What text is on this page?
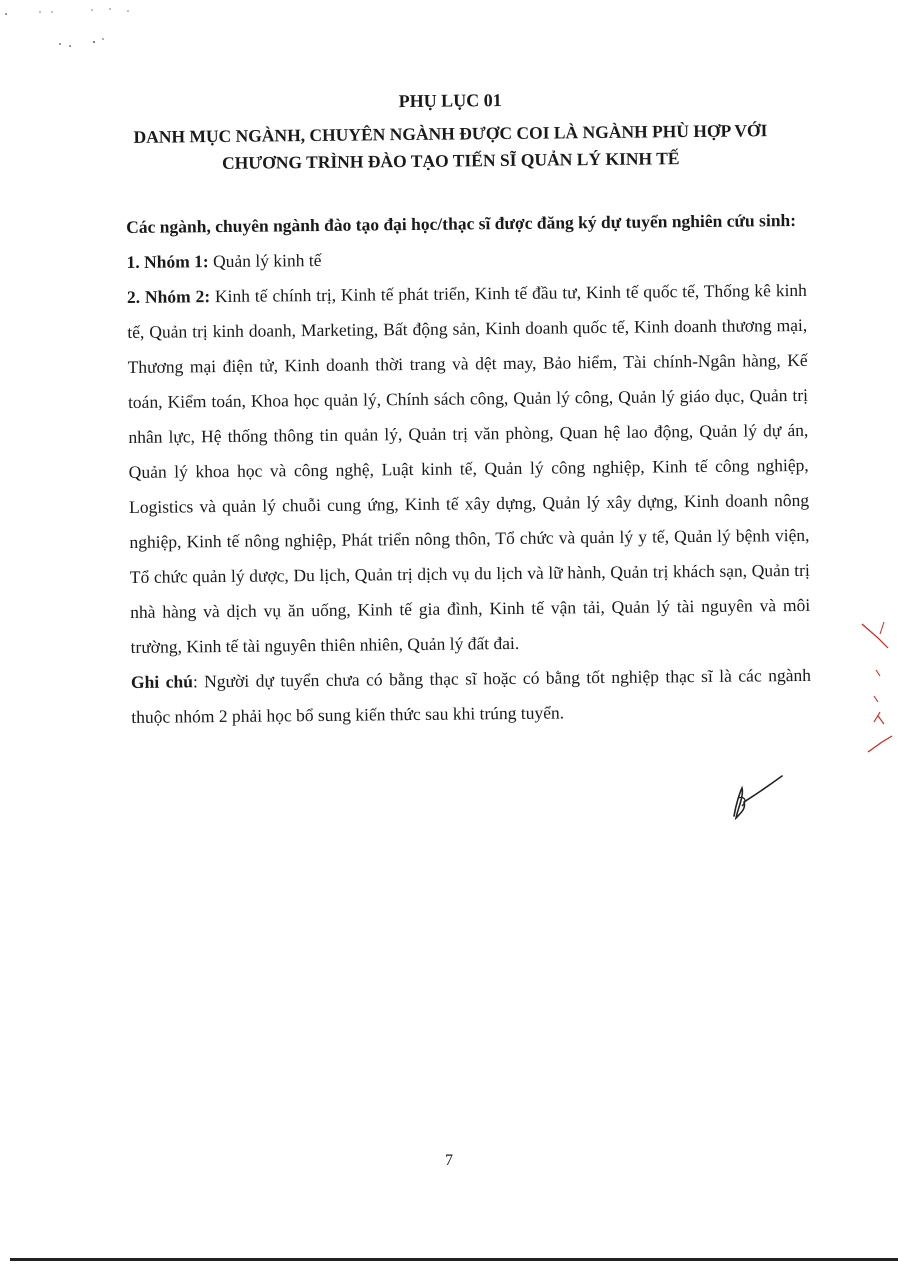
PHỤ LỤC 01
DANH MỤC NGÀNH, CHUYÊN NGÀNH ĐƯỢC COI LÀ NGÀNH PHÙ HỢP VỚI CHƯƠNG TRÌNH ĐÀO TẠO TIẾN SĨ QUẢN LÝ KINH TẾ
Các ngành, chuyên ngành đào tạo đại học/thạc sĩ được đăng ký dự tuyển nghiên cứu sinh:
1. Nhóm 1: Quản lý kinh tế
2. Nhóm 2: Kinh tế chính trị, Kinh tế phát triển, Kinh tế đầu tư, Kinh tế quốc tế, Thống kê kinh tế, Quản trị kinh doanh, Marketing, Bất động sản, Kinh doanh quốc tế, Kinh doanh thương mại, Thương mại điện tử, Kinh doanh thời trang và dệt may, Bảo hiểm, Tài chính-Ngân hàng, Kế toán, Kiểm toán, Khoa học quản lý, Chính sách công, Quản lý công, Quản lý giáo dục, Quản trị nhân lực, Hệ thống thông tin quản lý, Quản trị văn phòng, Quan hệ lao động, Quản lý dự án, Quản lý khoa học và công nghệ, Luật kinh tế, Quản lý công nghiệp, Kinh tế công nghiệp, Logistics và quản lý chuỗi cung ứng, Kinh tế xây dựng, Quản lý xây dựng, Kinh doanh nông nghiệp, Kinh tế nông nghiệp, Phát triển nông thôn, Tổ chức và quản lý y tế, Quản lý bệnh viện, Tổ chức quản lý dược, Du lịch, Quản trị dịch vụ du lịch và lữ hành, Quản trị khách sạn, Quản trị nhà hàng và dịch vụ ăn uống, Kinh tế gia đình, Kinh tế vận tải, Quản lý tài nguyên và môi trường, Kinh tế tài nguyên thiên nhiên, Quản lý đất đai.
Ghi chú: Người dự tuyển chưa có bằng thạc sĩ hoặc có bằng tốt nghiệp thạc sĩ là các ngành thuộc nhóm 2 phải học bổ sung kiến thức sau khi trúng tuyển.
7
